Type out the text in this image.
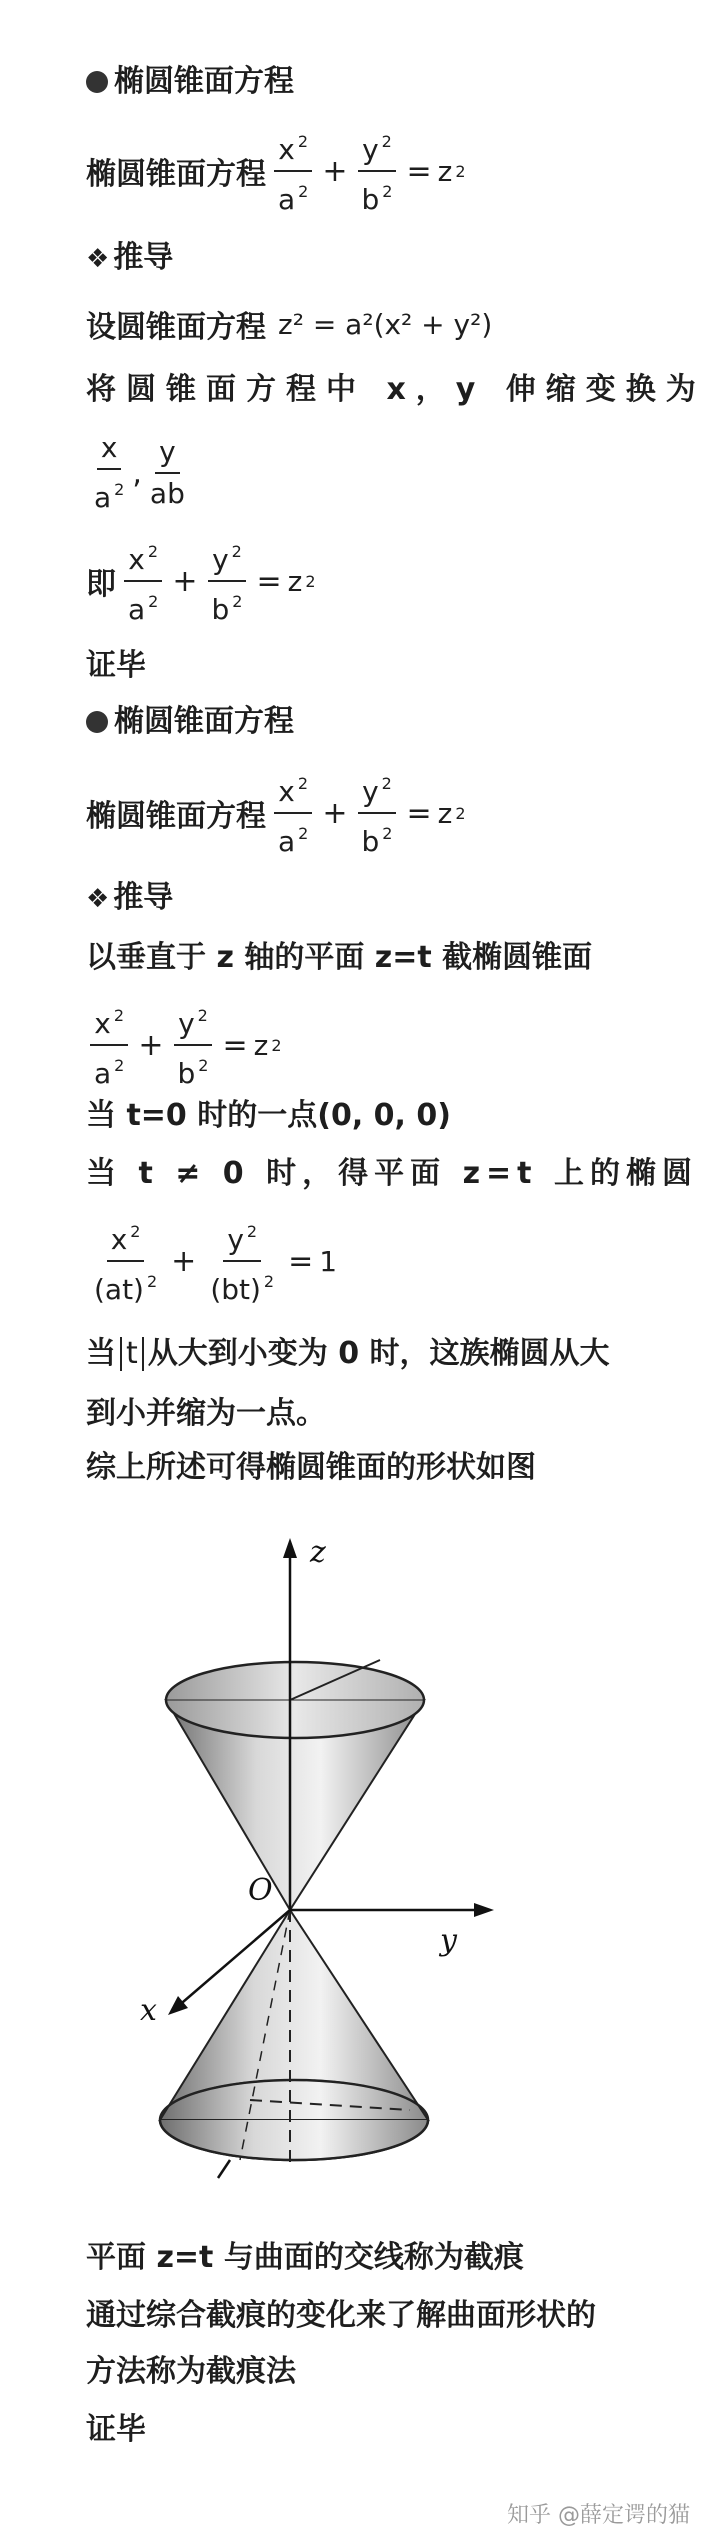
椭圆锥面方程
椭圆锥面方程 $\frac{x ^2}{a ^2} + \frac{y ^2}{b ^2} = z$ 2
❖ 推导
设圆锥面方程 z² = a²(x² + y²)
将圆锥面方程中 x，y 伸缩变换为
$\frac{x}{a ^2}$ , $\frac{y}{ab}$
即 $\frac{x ^2}{a ^2} + \frac{y ^2}{b ^2} = z$ 2
证毕
椭圆锥面方程
椭圆锥面方程 $\frac{x ^2}{a ^2} + \frac{y ^2}{b ^2} = z$ 2
❖ 推导
以垂直于 z 轴的平面 z=t 截椭圆锥面
$\frac{x ^2}{a ^2} + \frac{y ^2}{b ^2} = z$ 2
当 t=0 时的一点(0, 0, 0)
当 t ≠ 0 时，得平面 z=t 上的椭圆
$\frac{x ^2}{(at) ^2} + \frac{y ^2}{(bt) ^2} = 1$
当 t 从大到小变为 0 时，这族椭圆从大
到小并缩为一点。
综上所述可得椭圆锥面的形状如图
z
y
x
O
平面 z=t 与曲面的交线称为截痕
通过综合截痕的变化来了解曲面形状的
方法称为截痕法
证毕
知乎 @薛定谔的猫
